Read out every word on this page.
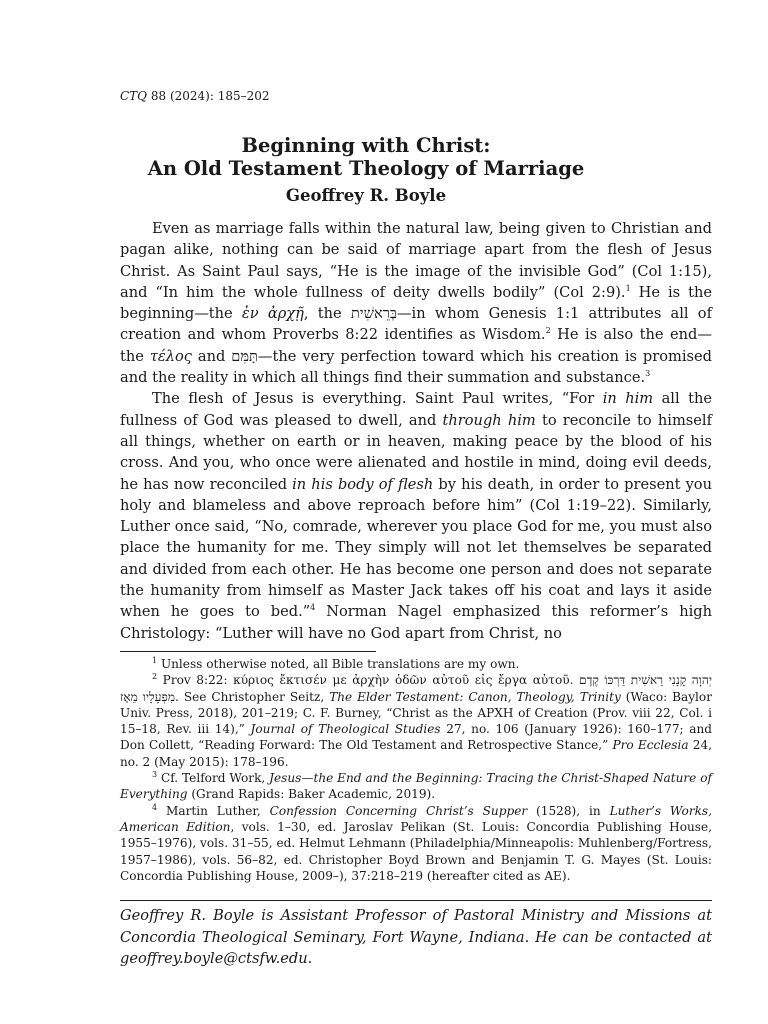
CTQ 88 (2024): 185–202
Beginning with Christ:
An Old Testament Theology of Marriage
Geoffrey R. Boyle

Even as marriage falls within the natural law, being given to Christian and pagan alike, nothing can be said of marriage apart from the flesh of Jesus Christ. As Saint Paul says, “He is the image of the invisible God” (Col 1:15), and “In him the whole fullness of deity dwells bodily” (Col 2:9).$^1$ He is the beginning—the ἐν ἀρχῇ, the בְּרֵאשִׁית—in whom Genesis 1:1 attributes all of creation and whom Proverbs 8:22 identifies as Wisdom.$^2$ He is also the end—the τέλος and תָּמִּם—the very perfection toward which his creation is promised and the reality in which all things find their summation and substance.$^3$

The flesh of Jesus is everything. Saint Paul writes, “For in him all the fullness of God was pleased to dwell, and through him to reconcile to himself all things, whether on earth or in heaven, making peace by the blood of his cross. And you, who once were alienated and hostile in mind, doing evil deeds, he has now reconciled in his body of flesh by his death, in order to present you holy and blameless and above reproach before him” (Col 1:19–22). Similarly, Luther once said, “No, comrade, wherever you place God for me, you must also place the humanity for me. They simply will not let themselves be separated and divided from each other. He has become one person and does not separate the humanity from himself as Master Jack takes off his coat and lays it aside when he goes to bed.”$^4$ Norman Nagel emphasized this reformer’s high Christology: “Luther will have no God apart from Christ, no

$^1$ Unless otherwise noted, all Bible translations are my own.

$^2$ Prov 8:22: κύριος ἔκτισέν με ἀρχὴν ὁδῶν αὐτοῦ εἰς ἔργα αὐτοῦ. יְהוָה קָנָנִי רֵאשִׁית דַּרְכּוֹ קֶדֶם מִפְעָלָיו מֵאָז. See Christopher Seitz, The Elder Testament: Canon, Theology, Trinity (Waco: Baylor Univ. Press, 2018), 201–219; C. F. Burney, “Christ as the APXH of Creation (Prov. viii 22, Col. i 15–18, Rev. iii 14),” Journal of Theological Studies 27, no. 106 (January 1926): 160–177; and Don Collett, “Reading Forward: The Old Testament and Retrospective Stance,” Pro Ecclesia 24, no. 2 (May 2015): 178–196.

$^3$ Cf. Telford Work, Jesus—the End and the Beginning: Tracing the Christ-Shaped Nature of Everything (Grand Rapids: Baker Academic, 2019).

$^4$ Martin Luther, Confession Concerning Christ’s Supper (1528), in Luther’s Works, American Edition, vols. 1–30, ed. Jaroslav Pelikan (St. Louis: Concordia Publishing House, 1955–1976), vols. 31–55, ed. Helmut Lehmann (Philadelphia/Minneapolis: Muhlenberg/Fortress, 1957–1986), vols. 56–82, ed. Christopher Boyd Brown and Benjamin T. G. Mayes (St. Louis: Concordia Publishing House, 2009–), 37:218–219 (hereafter cited as AE).

Geoffrey R. Boyle is Assistant Professor of Pastoral Ministry and Missions at Concordia Theological Seminary, Fort Wayne, Indiana. He can be contacted at geoffrey.boyle@ctsfw.edu.
